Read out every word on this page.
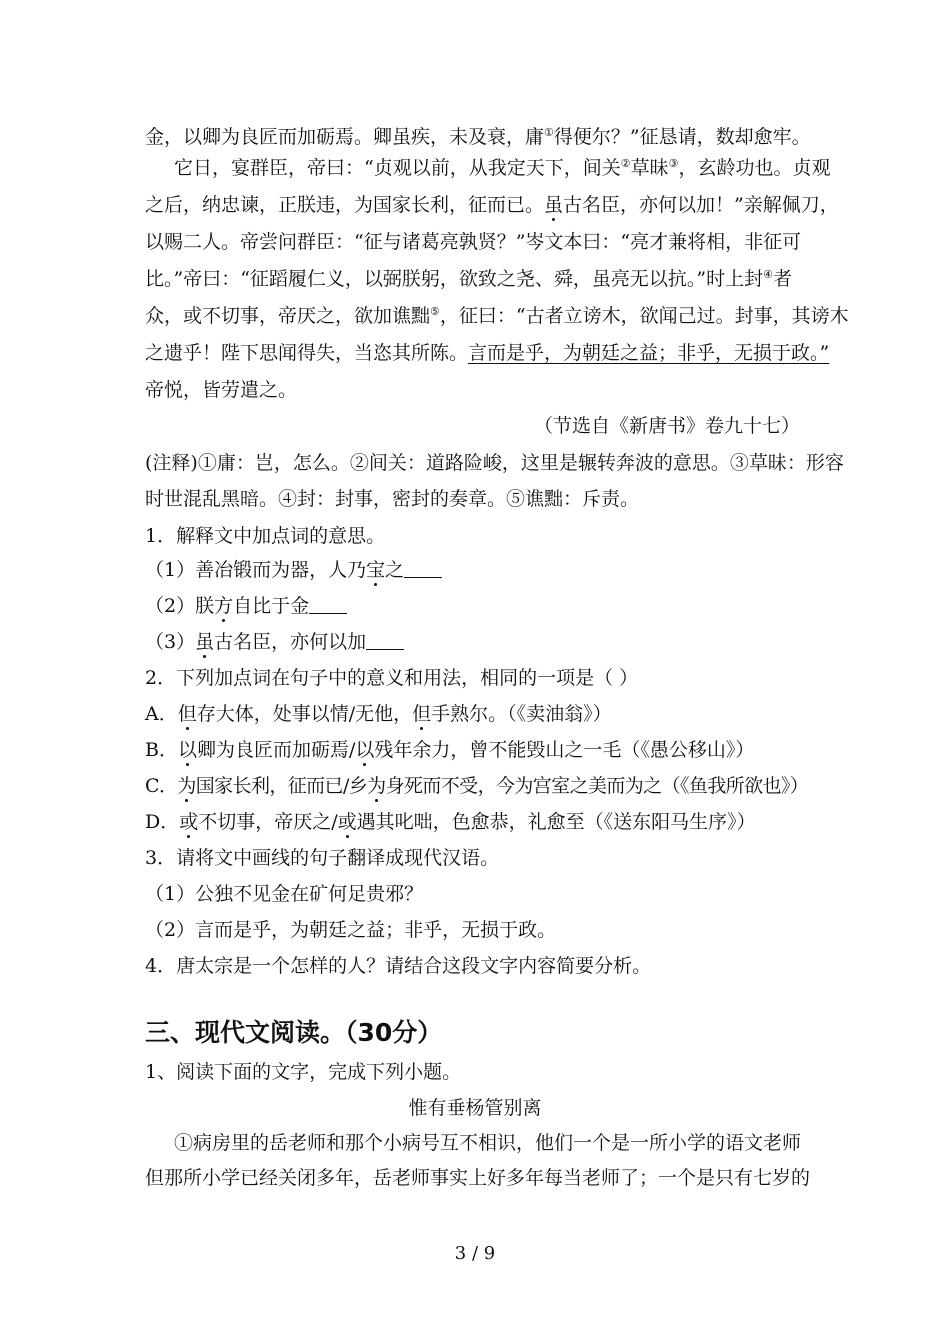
金，以卿为良匠而加砺焉。卿虽疾，未及衰，庸①得便尔？”征恳请，数却愈牢。
它日，宴群臣，帝曰：“贞观以前，从我定天下，间关②草昧③，玄龄功也。贞观
之后，纳忠谏，正朕违，为国家长利，征而已。虽古名臣，亦何以加！”亲解佩刀，
以赐二人。帝尝问群臣：“征与诸葛亮孰贤？”岑文本曰：“亮才兼将相，非征可
比。”帝曰：“征蹈履仁义，以弼朕躬，欲致之尧、舜，虽亮无以抗。”时上封④者
众，或不切事，帝厌之，欲加谯黜⑤，征曰：“古者立谤木，欲闻己过。封事，其谤木
之遗乎！陛下思闻得失，当恣其所陈。言而是乎，为朝廷之益；非乎，无损于政。”
帝悦，皆劳遣之。
（节选自《新唐书》卷九十七）
(注释)①庸：岂，怎么。②间关：道路险峻，这里是辗转奔波的意思。③草昧：形容
时世混乱黑暗。④封：封事，密封的奏章。⑤谯黜：斥责。
1．解释文中加点词的意思。
（1）善冶锻而为器，人乃宝之
（2）朕方自比于金
（3）虽古名臣，亦何以加
2．下列加点词在句子中的意义和用法，相同的一项是（ ）
A．但存大体，处事以情/无他，但手熟尔。（《卖油翁》）
B．以卿为良匠而加砺焉/以残年余力，曾不能毁山之一毛（《愚公移山》）
C．为国家长利，征而已/乡为身死而不受，今为宫室之美而为之（《鱼我所欲也》）
D．或不切事，帝厌之/或遇其叱咄，色愈恭，礼愈至（《送东阳马生序》）
3．请将文中画线的句子翻译成现代汉语。
（1）公独不见金在矿何足贵邪？
（2）言而是乎，为朝廷之益；非乎，无损于政。
4．唐太宗是一个怎样的人？请结合这段文字内容简要分析。
三、现代文阅读。（30分）
1、阅读下面的文字，完成下列小题。
惟有垂杨管别离
①病房里的岳老师和那个小病号互不相识，他们一个是一所小学的语文老师
但那所小学已经关闭多年，岳老师事实上好多年每当老师了；一个是只有七岁的
3 / 9
